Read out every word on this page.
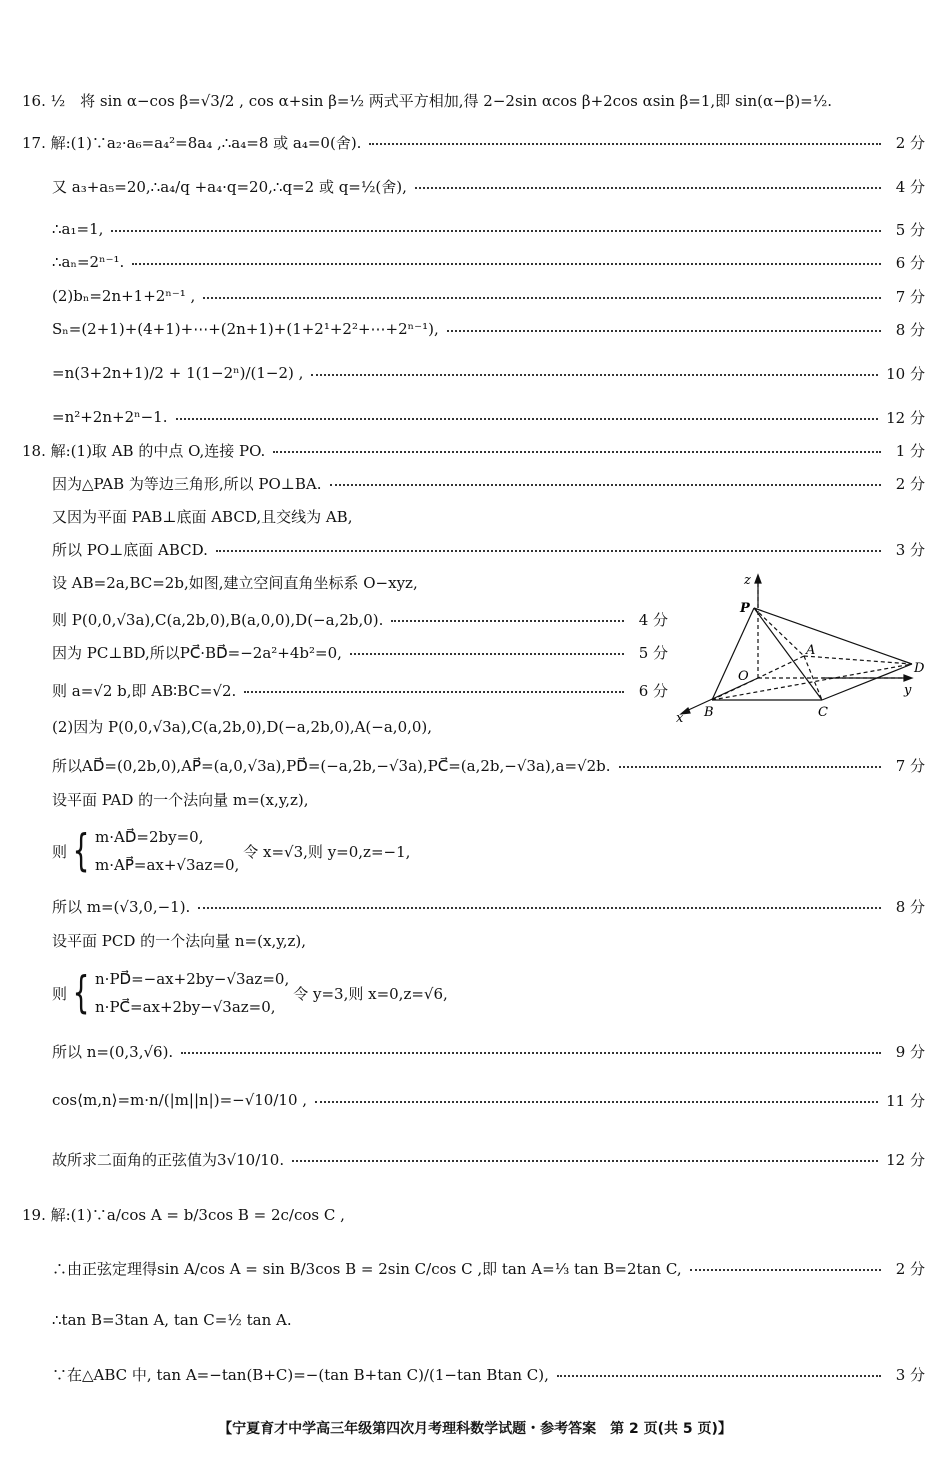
16. ½　将 sin α−cos β=√3/2 , cos α+sin β=½ 两式平方相加,得 2−2sin αcos β+2cos αsin β=1,即 sin(α−β)=½.
17. 解:(1)∵a₂·a₆=a₄²=8a₄ ,∴a₄=8 或 a₄=0(舍).	2 分
又 a₃+a₅=20,∴a₄/q +a₄·q=20,∴q=2 或 q=½(舍),	4 分
∴a₁=1,	5 分
∴aₙ=2ⁿ⁻¹.	6 分
(2)bₙ=2n+1+2ⁿ⁻¹ ,	7 分
Sₙ=(2+1)+(4+1)+⋯+(2n+1)+(1+2¹+2²+⋯+2ⁿ⁻¹),	8 分
=n(3+2n+1)/2 + 1(1−2ⁿ)/(1−2) ,	10 分
=n²+2n+2ⁿ−1.	12 分
18. 解:(1)取 AB 的中点 O,连接 PO.	1 分
因为△PAB 为等边三角形,所以 PO⊥BA.	2 分
又因为平面 PAB⊥底面 ABCD,且交线为 AB,
所以 PO⊥底面 ABCD.	3 分
设 AB=2a,BC=2b,如图,建立空间直角坐标系 O−xyz,
则 P(0,0,√3a),C(a,2b,0),B(a,0,0),D(−a,2b,0).	4 分
因为 PC⊥BD,所以PC⃗·BD⃗=−2a²+4b²=0,	5 分
则 a=√2 b,即 AB∶BC=√2.	6 分
(2)因为 P(0,0,√3a),C(a,2b,0),D(−a,2b,0),A(−a,0,0),
所以AD⃗=(0,2b,0),AP⃗=(a,0,√3a),PD⃗=(−a,2b,−√3a),PC⃗=(a,2b,−√3a),a=√2b.	7 分
设平面 PAD 的一个法向量 m=(x,y,z),
所以 m=(√3,0,−1).	8 分
设平面 PCD 的一个法向量 n=(x,y,z),
所以 n=(0,3,√6).	9 分
cos⟨m,n⟩=m·n/(|m||n|)=−√10/10 ,	11 分
故所求二面角的正弦值为3√10/10.	12 分
19. 解:(1)∵a/cos A = b/3cos B = 2c/cos C ,
∴由正弦定理得sin A/cos A = sin B/3cos B = 2sin C/cos C ,即 tan A=⅓ tan B=2tan C,	2 分
∴tan B=3tan A, tan C=½ tan A.
∵在△ABC 中, tan A=−tan(B+C)=−(tan B+tan C)/(1−tan Btan C),	3 分
则 { m·AD⃗=2by=0,
m·AP⃗=ax+√3az=0,
令 x=√3,则 y=0,z=−1,
则 { n·PD⃗=−ax+2by−√3az=0,
n·PC⃗=ax+2by−√3az=0,
令 y=3,则 x=0,z=√6,
z
P
A
O
D
y
x B	C
【宁夏育才中学高三年级第四次月考理科数学试题・参考答案　第 2 页(共 5 页)】
